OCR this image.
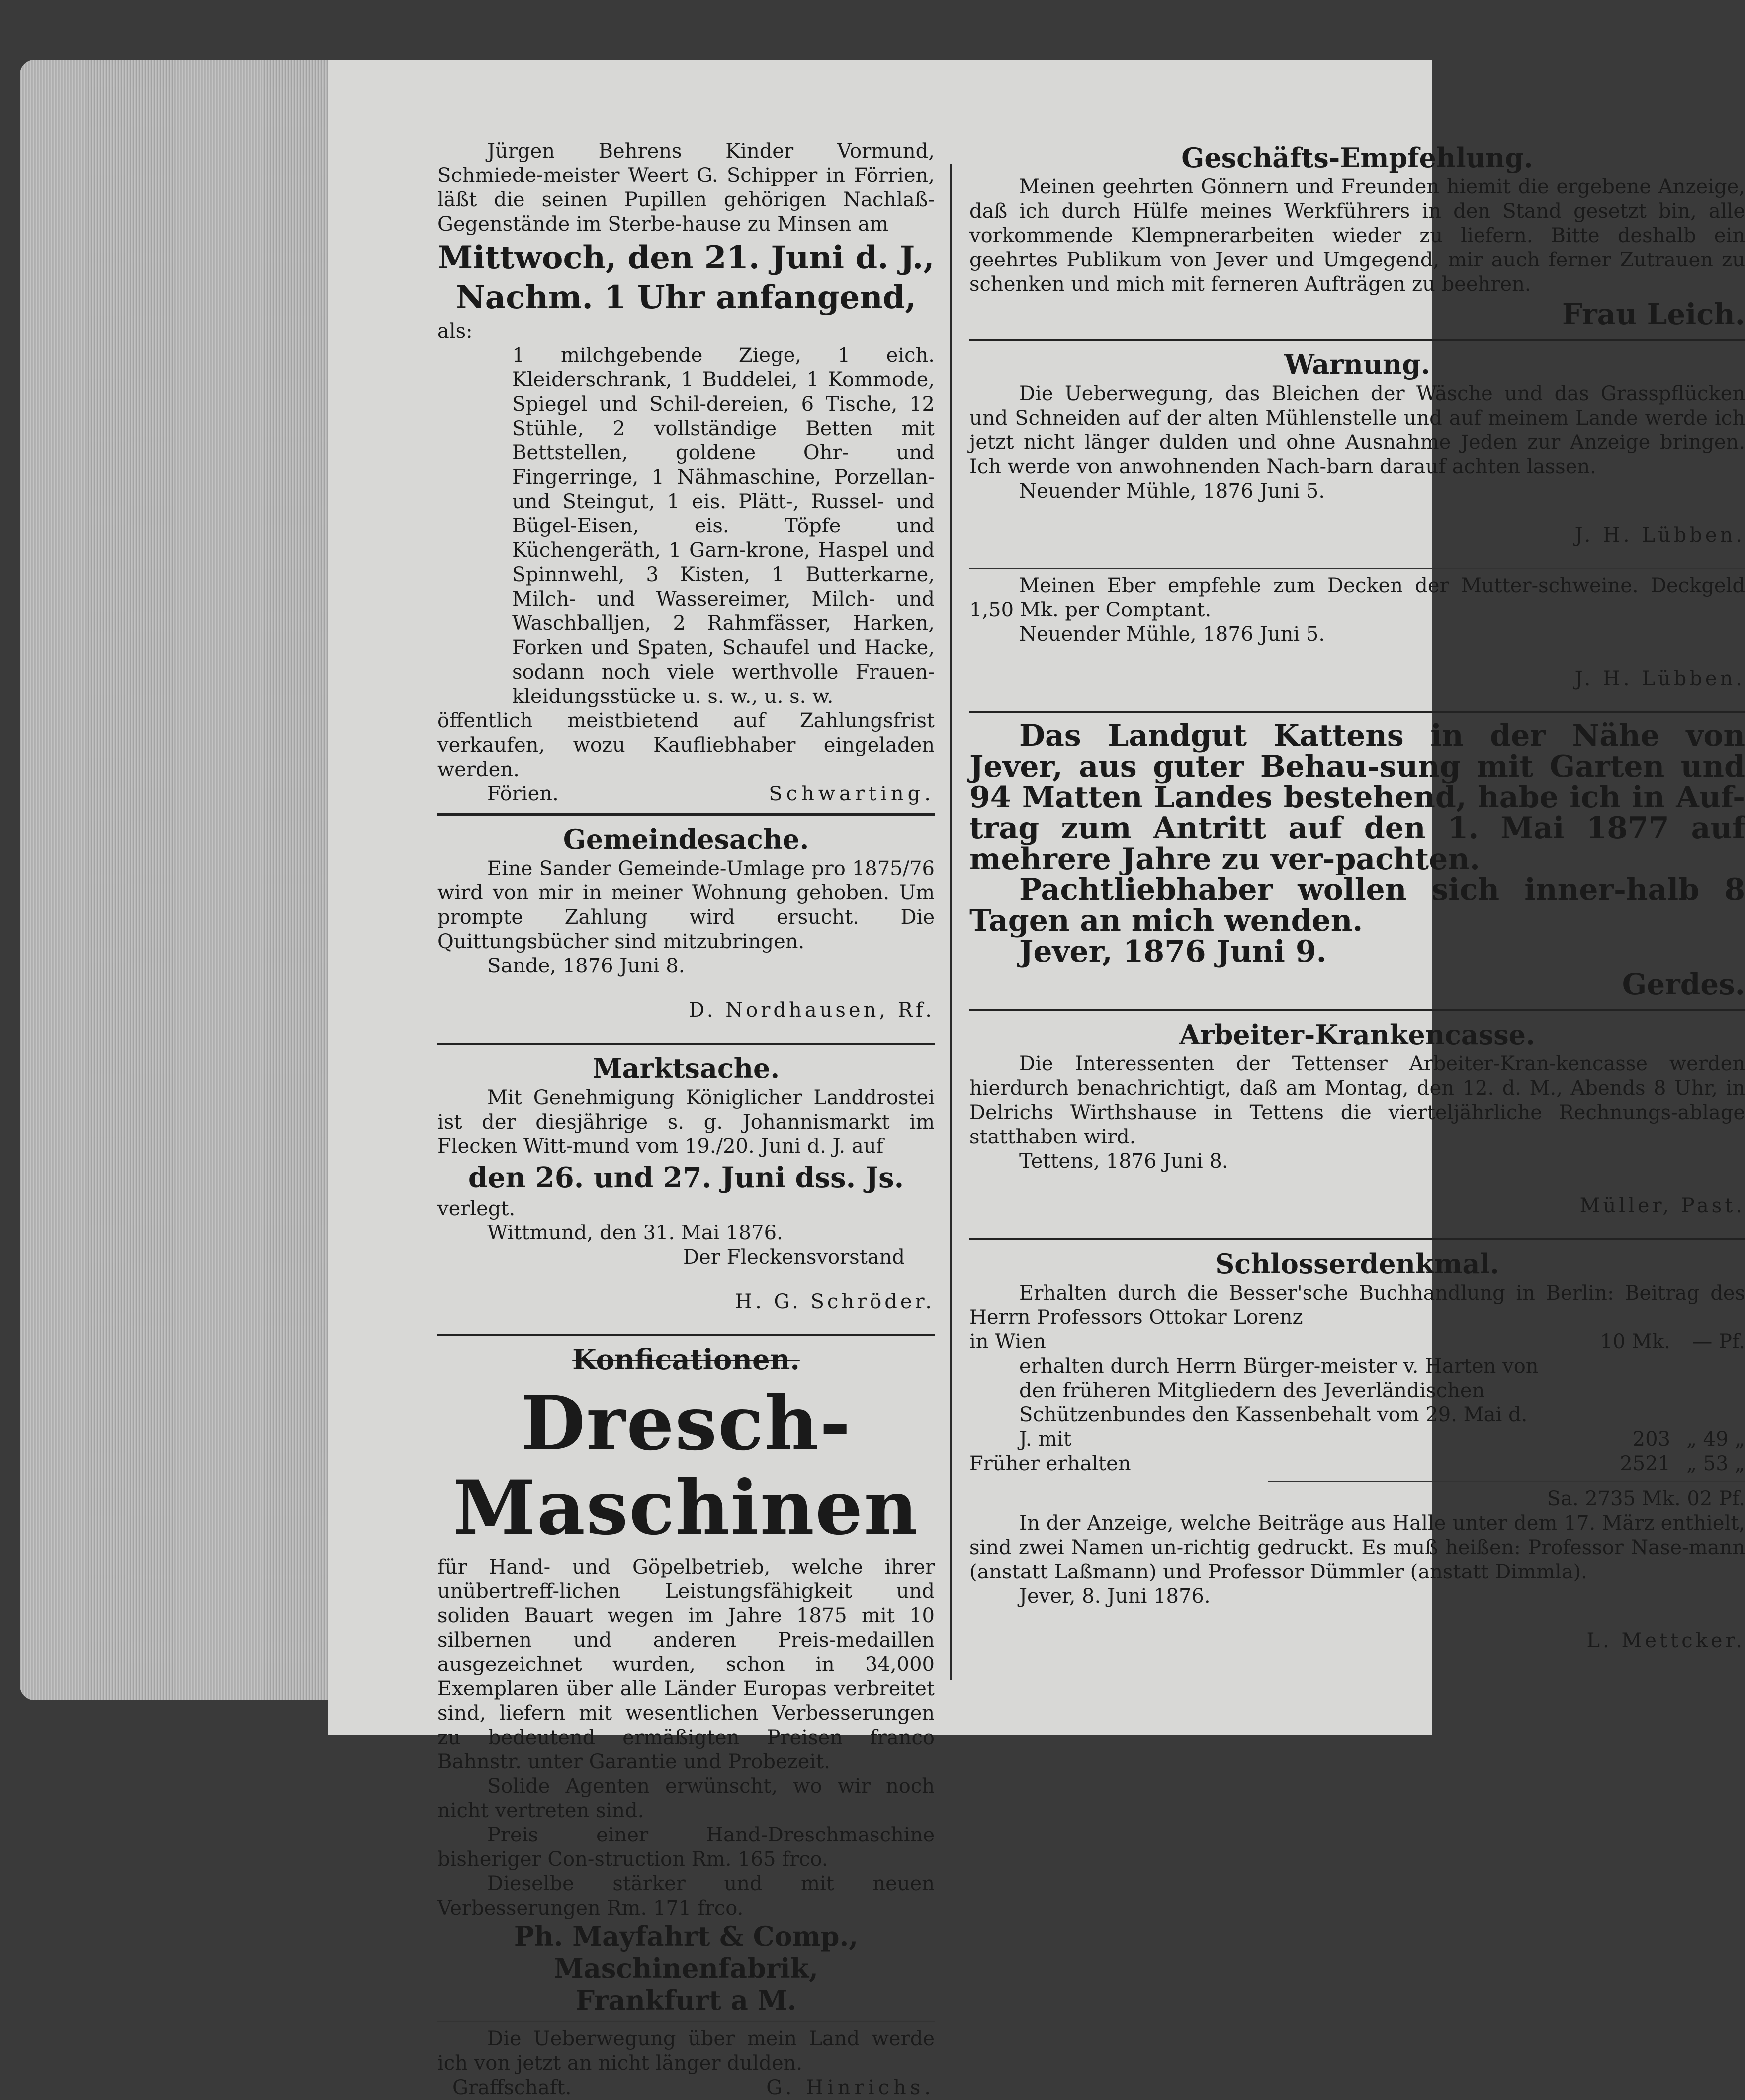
Jürgen Behrens Kinder Vormund, Schmiede-meister Weert G. Schipper in Förrien, läßt die seinen Pupillen gehörigen Nachlaß-Gegenstände im Sterbe-hause zu Minsen am

Mittwoch, den 21. Juni d. J.,

Nachm. 1 Uhr anfangend,

als:

1 milchgebende Ziege, 1 eich. Kleiderschrank, 1 Buddelei, 1 Kommode, Spiegel und Schil-dereien, 6 Tische, 12 Stühle, 2 vollständige Betten mit Bettstellen, goldene Ohr- und Fingerringe, 1 Nähmaschine, Porzellan- und Steingut, 1 eis. Plätt-, Russel- und Bügel-Eisen, eis. Töpfe und Küchengeräth, 1 Garn-krone, Haspel und Spinnwehl, 3 Kisten, 1 Butterkarne, Milch- und Wassereimer, Milch- und Waschballjen, 2 Rahmfässer, Harken, Forken und Spaten, Schaufel und Hacke, sodann noch viele werthvolle Frauen-kleidungsstücke u. s. w., u. s. w.

öffentlich meistbietend auf Zahlungsfrist verkaufen, wozu Kaufliebhaber eingeladen werden.

Förien.	Schwarting.

Gemeindesache.

Eine Sander Gemeinde-Umlage pro 1875/76 wird von mir in meiner Wohnung gehoben. Um prompte Zahlung wird ersucht. Die Quittungsbücher sind mitzubringen.

Sande, 1876 Juni 8.

D. Nordhausen, Rf.

Marktsache.

Mit Genehmigung Königlicher Landdrostei ist der diesjährige s. g. Johannismarkt im Flecken Witt-mund vom 19./20. Juni d. J. auf

den 26. und 27. Juni dss. Js.

verlegt.

Wittmund, den 31. Mai 1876.

Der Fleckensvorstand

H. G. Schröder.

Konficationen.

Dresch-Maschinen

für Hand- und Göpelbetrieb, welche ihrer unübertreff-lichen Leistungsfähigkeit und soliden Bauart wegen im Jahre 1875 mit 10 silbernen und anderen Preis-medaillen ausgezeichnet wurden, schon in 34,000 Exemplaren über alle Länder Europas verbreitet sind, liefern mit wesentlichen Verbesserungen zu bedeutend ermäßigten Preisen franco Bahnstr. unter Garantie und Probezeit.

Solide Agenten erwünscht, wo wir noch nicht vertreten sind.

Preis einer Hand-Dreschmaschine bisheriger Con-struction Rm. 165 frco.

Dieselbe stärker und mit neuen Verbesserungen Rm. 171 frco.

Ph. Mayfahrt & Comp., Maschinenfabrik,

Frankfurt a M.

Die Ueberwegung über mein Land werde ich von jetzt an nicht länger dulden.

Graffschaft.	G. Hinrichs.

Geschäfts-Empfehlung.

Meinen geehrten Gönnern und Freunden hiemit die ergebene Anzeige, daß ich durch Hülfe meines Werkführers in den Stand gesetzt bin, alle vorkommende Klempnerarbeiten wieder zu liefern. Bitte deshalb ein geehrtes Publikum von Jever und Umgegend, mir auch ferner Zutrauen zu schenken und mich mit ferneren Aufträgen zu beehren.

Frau Leich.

Warnung.

Die Ueberwegung, das Bleichen der Wäsche und das Grasspflücken und Schneiden auf der alten Mühlenstelle und auf meinem Lande werde ich jetzt nicht länger dulden und ohne Ausnahme Jeden zur Anzeige bringen. Ich werde von anwohnenden Nach-barn darauf achten lassen.

Neuender Mühle, 1876 Juni 5.

J. H. Lübben.

Meinen Eber empfehle zum Decken der Mutter-schweine. Deckgeld 1,50 Mk. per Comptant.

Neuender Mühle, 1876 Juni 5.

J. H. Lübben.

Das Landgut Kattens in der Nähe von Jever, aus guter Behau-sung mit Garten und 94 Matten Landes bestehend, habe ich in Auf-trag zum Antritt auf den 1. Mai 1877 auf mehrere Jahre zu ver-pachten.

Pachtliebhaber wollen sich inner-halb 8 Tagen an mich wenden.

Jever, 1876 Juni 9.

Gerdes.

Arbeiter-Krankencasse.

Die Interessenten der Tettenser Arbeiter-Kran-kencasse werden hierdurch benachrichtigt, daß am Montag, den 12. d. M., Abends 8 Uhr, in Delrichs Wirthshause in Tettens die vierteljährliche Rechnungs-ablage statthaben wird.

Tettens, 1876 Juni 8.

Müller, Past.

Schlosserdenkmal.

Erhalten durch die Besser'sche Buchhandlung in Berlin: Beitrag des Herrn Professors Ottokar Lorenz

in Wien	10 Mk.	— Pf.
erhalten durch Herrn Bürger-meister v. Harten von den früheren Mitgliedern des Jeverländischen Schützenbundes den Kassenbehalt vom 29. Mai d. J. mit	203	„ 49 „
Früher erhalten	2521	„ 53 „

Sa. 2735 Mk. 02 Pf.

In der Anzeige, welche Beiträge aus Halle unter dem 17. März enthielt, sind zwei Namen un-richtig gedruckt. Es muß heißen: Professor Nase-mann (anstatt Laßmann) und Professor Dümmler (anstatt Dimmla).

Jever, 8. Juni 1876.

L. Mettcker.
